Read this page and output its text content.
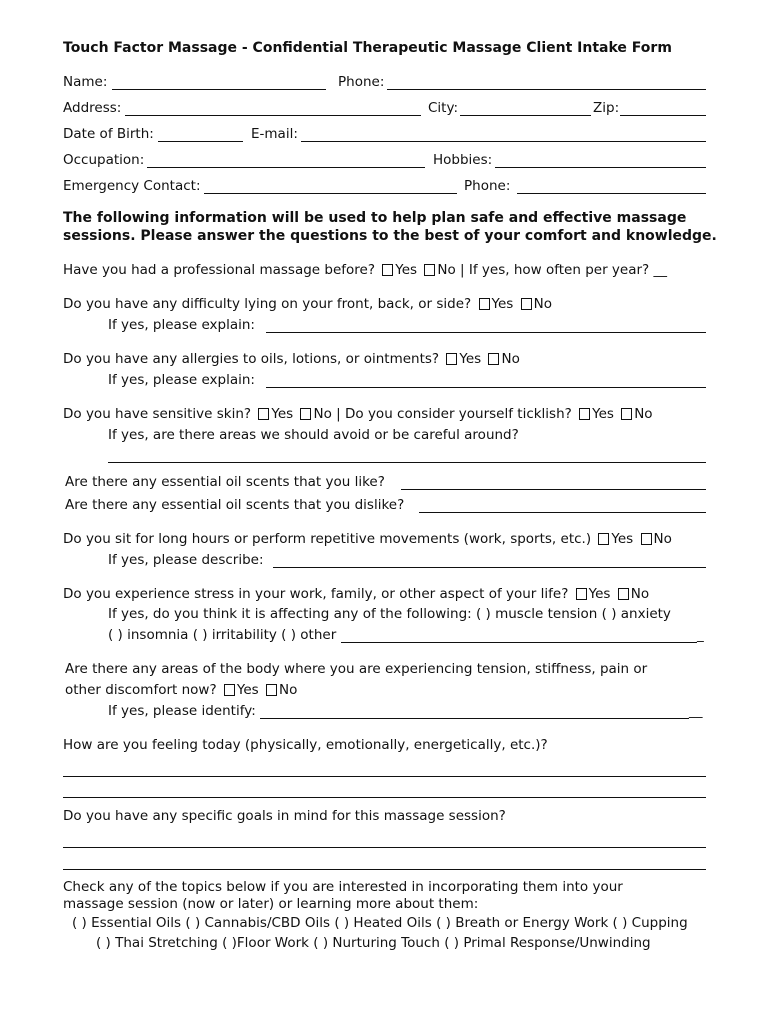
Touch Factor Massage - Confidential Therapeutic Massage Client Intake Form
Name:	Phone:
Address:	City:	Zip:
Date of Birth:	E-mail:
Occupation:	Hobbies:
Emergency Contact:	Phone:
The following information will be used to help plan safe and effective massage
sessions. Please answer the questions to the best of your comfort and knowledge.
Have you had a professional massage before? Yes No | If yes, how often per year? __
Do you have any difficulty lying on your front, back, or side? Yes No
If yes, please explain:
Do you have any allergies to oils, lotions, or ointments? Yes No
If yes, please explain:
Do you have sensitive skin? Yes No | Do you consider yourself ticklish? Yes No
If yes, are there areas we should avoid or be careful around?
Are there any essential oil scents that you like?
Are there any essential oil scents that you dislike?
Do you sit for long hours or perform repetitive movements (work, sports, etc.) Yes No
If yes, please describe:
Do you experience stress in your work, family, or other aspect of your life? Yes No
If yes, do you think it is affecting any of the following: ( ) muscle tension ( ) anxiety
( ) insomnia ( ) irritability ( ) other	_
Are there any areas of the body where you are experiencing tension, stiffness, pain or
other discomfort now? Yes No
If yes, please identify:	__
How are you feeling today (physically, emotionally, energetically, etc.)?
Do you have any specific goals in mind for this massage session?
Check any of the topics below if you are interested in incorporating them into your
massage session (now or later) or learning more about them:
( ) Essential Oils ( ) Cannabis/CBD Oils ( ) Heated Oils ( ) Breath or Energy Work ( ) Cupping
( ) Thai Stretching ( )Floor Work ( ) Nurturing Touch ( ) Primal Response/Unwinding
